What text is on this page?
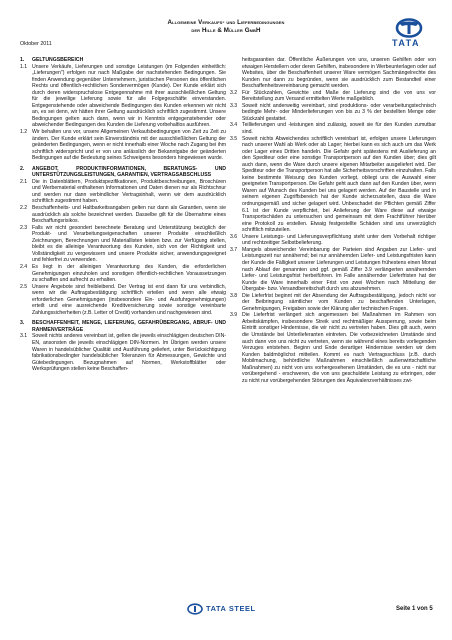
Allgemeine Verkaufs- und Lieferbedingungen
der Hille & Müller GmbH
Oktober 2011	TATA
1. GELTUNGSBEREICH
1.1 Unsere Verkäufe, Lieferungen und sonstige Leistungen (im Folgenden einheitlich: „Lieferungen") erfolgen nur nach Maßgabe der nachstehenden Bedingungen. Sie finden Anwendung gegenüber Unternehmern, juristischen Personen des öffentlichen Rechts und öffentlich-rechtlichen Sondervermögen (Kunde). Der Kunde erklärt sich durch deren widerspruchslose Entgegennahme mit ihrer ausschließlichen Geltung für die jeweilige Lieferung sowie für alle Folgegeschäfte einverstanden. Entgegenstehende oder abweichende Bedingungen des Kunden erkennen wir nicht an, es sei denn, wir hätten ihrer Geltung ausdrücklich schriftlich zugestimmt. Unsere Bedingungen gelten auch dann, wenn wir in Kenntnis entgegenstehender oder abweichender Bedingungen des Kunden die Lieferung vorbehaltlos ausführen.
1.2 Wir behalten uns vor, unsere Allgemeinen Verkaufsbedingungen von Zeit zu Zeit zu ändern. Der Kunde erklärt sein Einverständnis mit der ausschließlichen Geltung der geänderten Bedingungen, wenn er nicht innerhalb einer Woche nach Zugang bei ihm schriftlich widerspricht und er von uns anlässlich der Bekanntgabe der geänderten Bedingungen auf die Bedeutung seines Schweigens besonders hingewiesen wurde.
2. ANGEBOT, PRODUKTINFORMATIONEN, BERATUNGS- UND UNTERSTÜTZUNGSLEISTUNGEN, GARANTIEN, VERTRAGSABSCHLUSS
2.1 Die in Datenblättern, Produktspezifikationen, Produktbeschreibungen, Broschüren und Werbematerial enthaltenen Informationen und Daten dienen nur als Richtschnur und werden nur dann verbindlicher Vertragsinhalt, wenn wir dem ausdrücklich schriftlich zugestimmt haben.
2.2 Beschaffenheits- und Haltbarkeitsangaben gelten nur dann als Garantien, wenn sie ausdrücklich als solche bezeichnet werden. Dasselbe gilt für die Übernahme eines Beschaffungsrisikos.
2.3 Falls wir nicht gesondert berechnete Beratung und Unterstützung bezüglich der Produkt- und Verarbeitungseigenschaften unserer Produkte einschließlich Zeichnungen, Berechnungen und Materiallisten leisten bzw. zur Verfügung stellen, bleibt es die alleinige Verantwortung des Kunden, sich von der Richtigkeit und Vollständigkeit zu vergewissern und unsere Produkte sicher, anwendungsgeeignet und fehlerfrei zu verwenden.
2.4 Es liegt in der alleinigen Verantwortung des Kunden, die erforderlichen Genehmigungen einzuholen und sonstigen öffentlich-rechtlichen Voraussetzungen zu schaffen und aufrecht zu erhalten.
2.5 Unsere Angebote sind freibleibend. Der Vertrag ist erst dann für uns verbindlich, wenn wir die Auftragsbestätigung schriftlich erteilen und wenn alle etwaig erforderlichen Genehmigungen (insbesondere Ein- und Ausfuhrgenehmigungen) erteilt und eine ausreichende Kreditversicherung sowie sonstige vereinbarte Zahlungssicherheiten (z.B. Letter of Credit) vorhanden und nachgewiesen sind.
3. BESCHAFFENHEIT, MENGE, LIEFERUNG, GEFAHRÜBERGANG, ABRUF- UND RAHMENVERTRÄGE
3.1 Soweit nichts anderes vereinbart ist, gelten die jeweils einschlägigen deutschen DIN-EN, ansonsten die jeweils einschlägigen DIN-Normen. Im Übrigen werden unsere Waren in handelsüblicher Qualität und Ausführung geliefert, unter Berücksichtigung fabrikationsbedingter handelsüblicher Toleranzen für Abmessungen, Gewichte und Gütebedingungen. Bezugnahmen auf Normen, Werkstoffblätter oder Werksprüfungen stellen keine Beschaffen-
heitsgarantien dar. Öffentliche Äußerungen von uns, unseren Gehilfen oder von etwaigen Herstellern oder deren Gehilfen, insbesondere in Werbeunterlagen oder auf Websites, über die Beschaffenheit unserer Ware vermögen Sachmängelrechte des Kunden nur dann zu begründen, wenn sie ausdrücklich zum Bestandteil einer Beschaffenheitsvereinbarung gemacht werden.
3.2 Für Stückzahlen, Gewichte und Maße der Lieferung sind die von uns vor Bereitstellung zum Versand ermittelten Werte maßgeblich.
3.3 Soweit nicht anderweitig vereinbart, sind produktions- oder verarbeitungstechnisch bedingte Mehr- oder Minderlieferungen von bis zu 3 % der bestellten Menge oder Stückzahl gestattet.
3.4 Teillieferungen und -leistungen sind zulässig, soweit sie für den Kunden zumutbar sind.
3.5 Soweit nichts Abweichendes schriftlich vereinbart ist, erfolgen unsere Lieferungen nach unserer Wahl ab Werk oder ab Lager; hierbei kann es sich auch um das Werk oder Lager eines Dritten handeln. Die Gefahr geht spätestens mit Auslieferung an den Spediteur oder eine sonstige Transportperson auf den Kunden über; dies gilt auch dann, wenn die Ware durch unsere eigenen Mitarbeiter ausgeliefert wird. Der Spediteur oder die Transportperson hat alle Sicherheitsvorschriften einzuhalten. Falls keine bestimmte Weisung des Kunden vorliegt, obliegt uns die Auswahl einer geeigneten Transportperson. Die Gefahr geht auch dann auf den Kunden über, wenn Waren auf Wunsch des Kunden bei uns gelagert werden. Auf der Baustelle und in seinem eigenen Zugriffsbereich hat der Kunde sicherzustellen, dass die Ware ordnungsgemäß und sicher gelagert wird. Unbeschadet der Pflichten gemäß Ziffer 6.1 ist der Kunde verpflichtet, bei Anlieferung der Ware diese auf etwaige Transportschäden zu untersuchen und gemeinsam mit dem Frachtführer hierüber eine Protokoll zu erstellen. Etwaig festgestellte Schäden sind uns unverzüglich schriftlich mitzuteilen.
3.6 Unsere Leistungs- und Lieferungsverpflichtung steht unter dem Vorbehalt richtiger und rechtzeitiger Selbstbelieferung.
3.7 Mangels abweichender Vereinbarung der Parteien sind Angaben zur Liefer- und Leistungszeit nur annähernd; bei nur annähernden Liefer- und Leistungsfristen kann der Kunde die Fälligkeit unserer Lieferungen und Leistungen frühestens einen Monat nach Ablauf der genannten und ggf. gemäß Ziffer 3.9 verlängerten annähernden Liefer- und Leistungsfrist herbeiführen. Im Falle annähernder Lieferfristen hat der Kunde die Ware innerhalb einer Frist von zwei Wochen nach Mitteilung der Übergabe- bzw. Versandbereitschaft durch uns abzunehmen.
3.8 Die Lieferfrist beginnt mit der Absendung der Auftragsbestätigung, jedoch nicht vor der Beibringung sämtlicher vom Kunden zu beschaffenden Unterlagen, Genehmigungen, Freigaben sowie der Klärung aller technischen Fragen.
3.9 Die Lieferfrist verlängert sich angemessen bei Maßnahmen im Rahmen von Arbeitskämpfen, insbesondere Streik und rechtmäßiger Aussperrung, sowie beim Eintritt sonstiger Hindernisse, die wir nicht zu vertreten haben. Dies gilt auch, wenn die Umstände bei Unterlieferanten eintreten. Die vorbezeichneten Umstände sind auch dann von uns nicht zu vertreten, wenn sie während eines bereits vorliegenden Verzuges entstehen. Beginn und Ende derartiger Hindernisse werden wir dem Kunden baldmöglichst mitteilen. Kommt es nach Vertragsschluss (z.B. durch Mobilmachung, behördliche Maßnahmen einschließlich außenwirtschaftliche Maßnahmen) zu nicht von uns vorhergesehenen Umständen, die es uns - nicht nur vorübergehend - erschweren, die von uns geschuldete Leistung zu erbringen, oder zu nicht nur vorübergehenden Störungen des Äquivalenzverhältnisses zwi-
TATA STEEL	Seite 1 von 5
